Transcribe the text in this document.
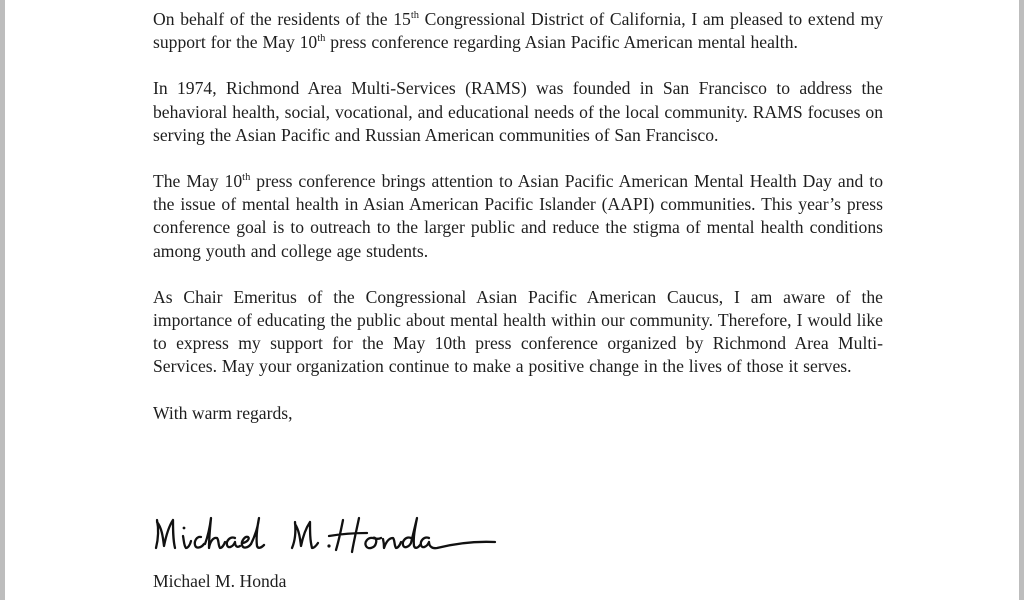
On behalf of the residents of the 15th Congressional District of California, I am pleased to extend my support for the May 10th press conference regarding Asian Pacific American mental health.

In 1974, Richmond Area Multi-Services (RAMS) was founded in San Francisco to address the behavioral health, social, vocational, and educational needs of the local community. RAMS focuses on serving the Asian Pacific and Russian American communities of San Francisco.

The May 10th press conference brings attention to Asian Pacific American Mental Health Day and to the issue of mental health in Asian American Pacific Islander (AAPI) communities. This year’s press conference goal is to outreach to the larger public and reduce the stigma of mental health conditions among youth and college age students.

As Chair Emeritus of the Congressional Asian Pacific American Caucus, I am aware of the importance of educating the public about mental health within our community. Therefore, I would like to express my support for the May 10th press conference organized by Richmond Area Multi-Services. May your organization continue to make a positive change in the lives of those it serves.

With warm regards,

Michael M. Honda
